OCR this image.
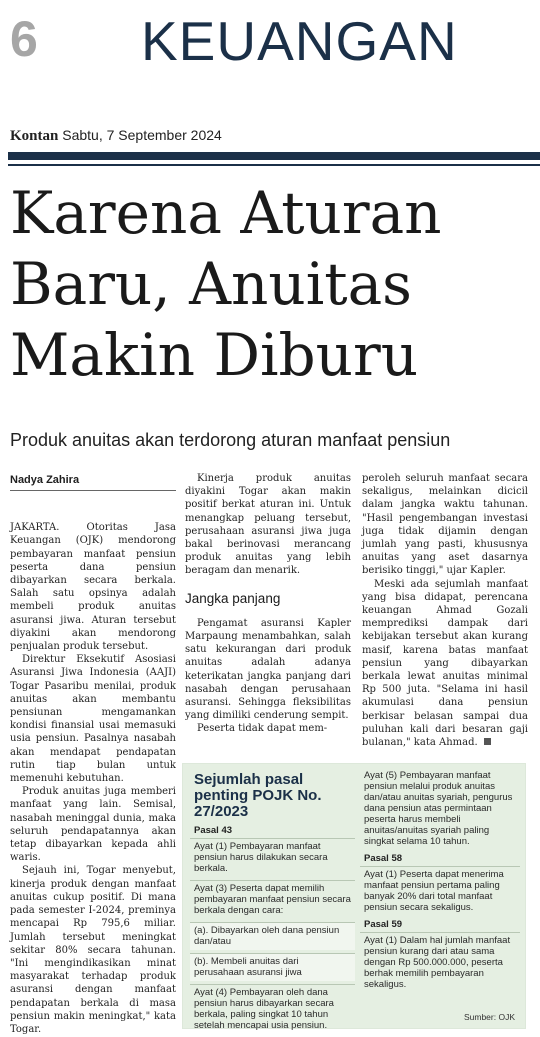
6 KEUANGAN
Kontan Sabtu, 7 September 2024
Karena Aturan Baru, Anuitas Makin Diburu
Produk anuitas akan terdorong aturan manfaat pensiun
Nadya Zahira

JAKARTA. Otoritas Jasa Keuangan (OJK) mendorong pembayaran manfaat pensiun peserta dana pensiun dibayarkan secara berkala. Salah satu opsinya adalah membeli produk anuitas asuransi jiwa. Aturan tersebut diyakini akan mendorong penjualan produk tersebut.

Direktur Eksekutif Asosiasi Asuransi Jiwa Indonesia (AAJI) Togar Pasaribu menilai, produk anuitas akan membantu pensiunan mengamankan kondisi finansial usai memasuki usia pensiun. Pasalnya nasabah akan mendapat pendapatan rutin tiap bulan untuk memenuhi kebutuhan.

Produk anuitas juga memberi manfaat yang lain. Semisal, nasabah meninggal dunia, maka seluruh pendapatannya akan tetap dibayarkan kepada ahli waris.

Sejauh ini, Togar menyebut, kinerja produk dengan manfaat anuitas cukup positif. Di mana pada semester I-2024, preminya mencapai Rp 795,6 miliar. Jumlah tersebut meningkat sekitar 80% secara tahunan. "Ini mengindikasikan minat masyarakat terhadap produk asuransi dengan manfaat pendapatan berkala di masa pensiun makin meningkat," kata Togar.

Kinerja produk anuitas diyakini Togar akan makin positif berkat aturan ini. Untuk menangkap peluang tersebut, perusahaan asuransi jiwa juga bakal berinovasi merancang produk anuitas yang lebih beragam dan menarik.

Jangka panjang

Pengamat asuransi Kapler Marpaung menambahkan, salah satu kekurangan dari produk anuitas adalah adanya keterikatan jangka panjang dari nasabah dengan perusahaan asuransi. Sehingga fleksibilitas yang dimiliki cenderung sempit.

Peserta tidak dapat mem-

peroleh seluruh manfaat secara sekaligus, melainkan dicicil dalam jangka waktu tahunan. "Hasil pengembangan investasi juga tidak dijamin dengan jumlah yang pasti, khususnya anuitas yang aset dasarnya berisiko tinggi," ujar Kapler.

Meski ada sejumlah manfaat yang bisa didapat, perencana keuangan Ahmad Gozali memprediksi dampak dari kebijakan tersebut akan kurang masif, karena batas manfaat pensiun yang dibayarkan berkala lewat anuitas minimal Rp 500 juta. "Selama ini hasil akumulasi dana pensiun berkisar belasan sampai dua puluhan kali dari besaran gaji bulanan," kata Ahmad.

Sejumlah pasal penting POJK No. 27/2023
Pasal 43
Ayat (1) Pembayaran manfaat pensiun harus dilakukan secara berkala.
Ayat (3) Peserta dapat memilih pembayaran manfaat pensiun secara berkala dengan cara:
(a). Dibayarkan oleh dana pensiun dan/atau
(b). Membeli anuitas dari perusahaan asuransi jiwa
Ayat (4) Pembayaran oleh dana pensiun harus dibayarkan secara berkala, paling singkat 10 tahun setelah mencapai usia pensiun.
Ayat (5) Pembayaran manfaat pensiun melalui produk anuitas dan/atau anuitas syariah, pengurus dana pensiun atas permintaan peserta harus membeli anuitas/anuitas syariah paling singkat selama 10 tahun.
Pasal 58
Ayat (1) Peserta dapat menerima manfaat pensiun pertama paling banyak 20% dari total manfaat pensiun secara sekaligus.
Pasal 59
Ayat (1) Dalam hal jumlah manfaat pensiun kurang dari atau sama dengan Rp 500.000.000, peserta berhak memilih pembayaran sekaligus.
Sumber: OJK
